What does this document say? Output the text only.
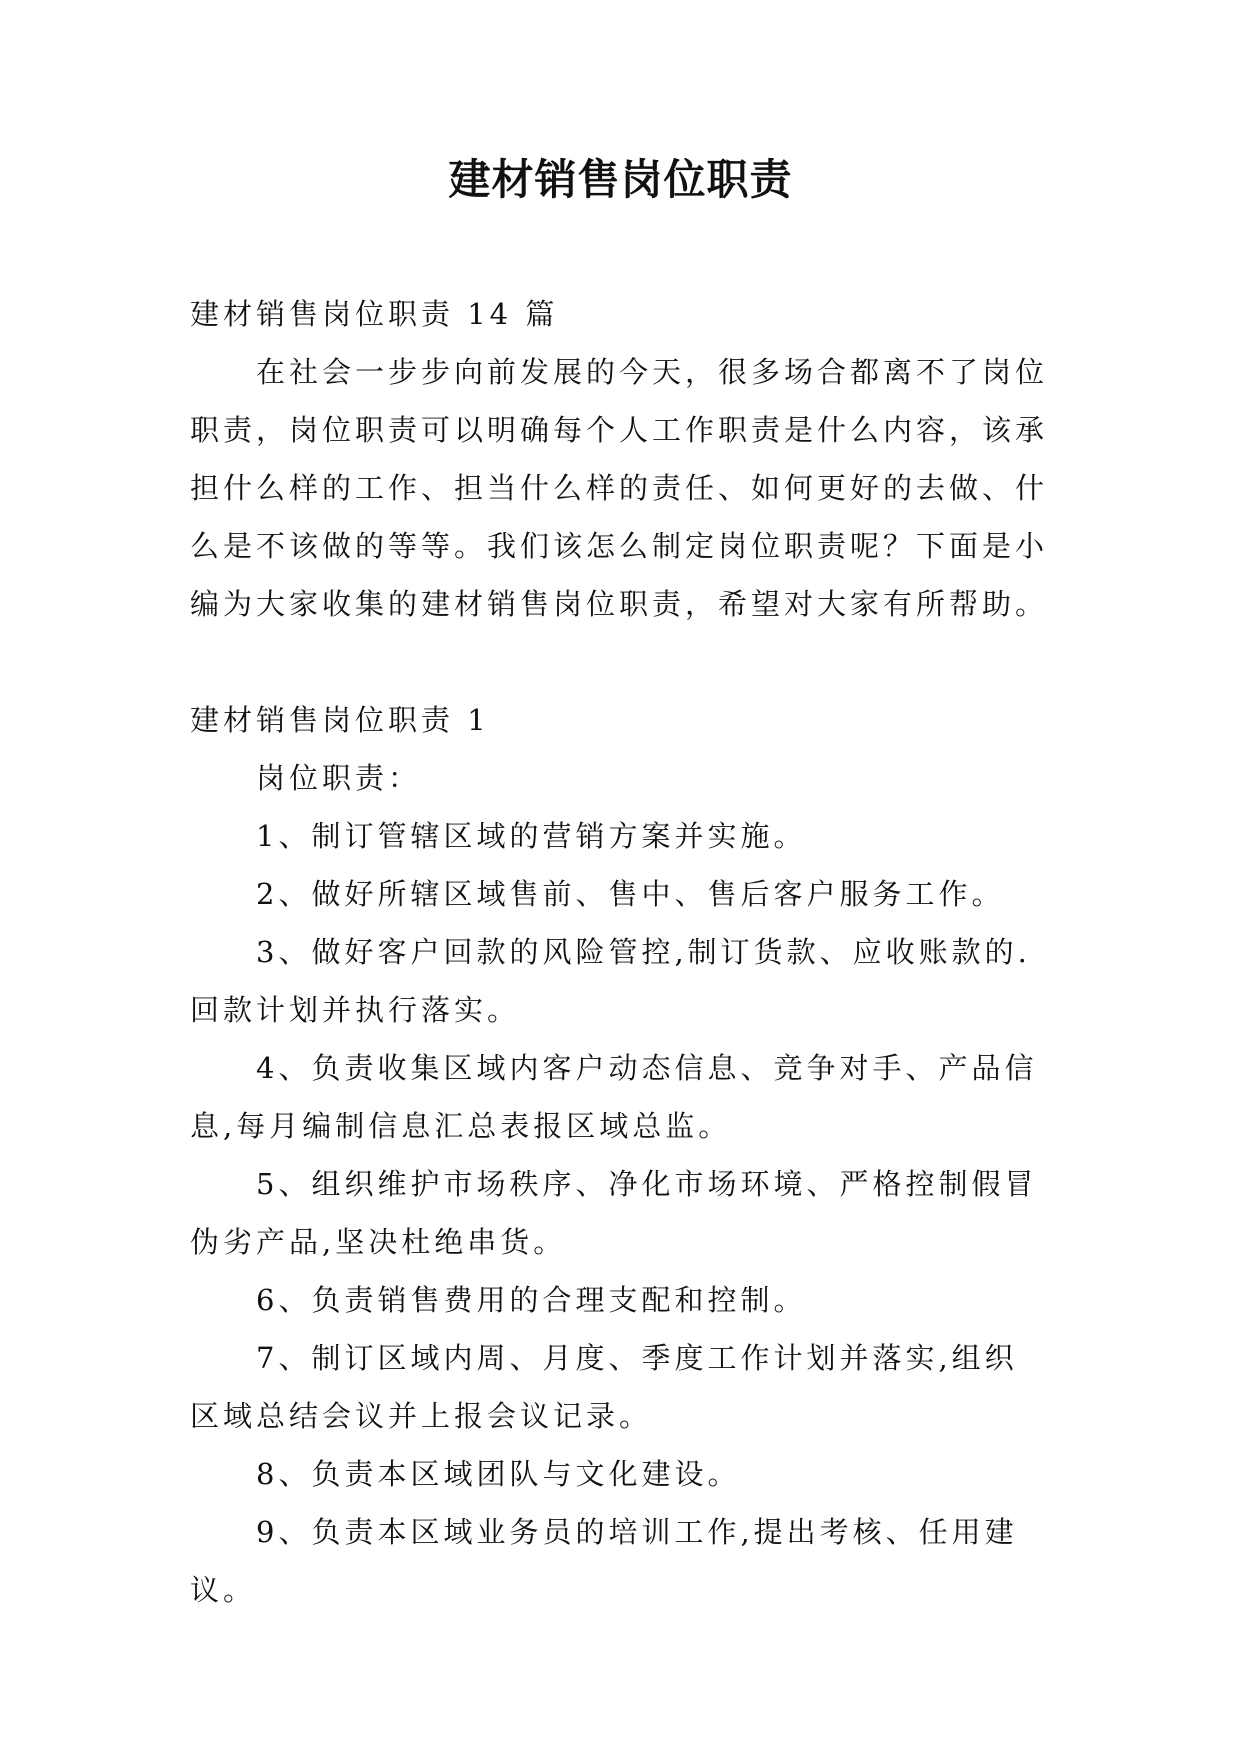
建材销售岗位职责

建材销售岗位职责 14 篇

在社会一步步向前发展的今天，很多场合都离不了岗位职责，岗位职责可以明确每个人工作职责是什么内容，该承担什么样的工作、担当什么样的责任、如何更好的去做、什么是不该做的等等。我们该怎么制定岗位职责呢？下面是小编为大家收集的建材销售岗位职责，希望对大家有所帮助。

建材销售岗位职责 1

岗位职责：

1、制订管辖区域的营销方案并实施。

2、做好所辖区域售前、售中、售后客户服务工作。

3、做好客户回款的风险管控,制订货款、应收账款的.回款计划并执行落实。

4、负责收集区域内客户动态信息、竞争对手、产品信息,每月编制信息汇总表报区域总监。

5、组织维护市场秩序、净化市场环境、严格控制假冒伪劣产品,坚决杜绝串货。

6、负责销售费用的合理支配和控制。

7、制订区域内周、月度、季度工作计划并落实,组织区域总结会议并上报会议记录。

8、负责本区域团队与文化建设。

9、负责本区域业务员的培训工作,提出考核、任用建议。
